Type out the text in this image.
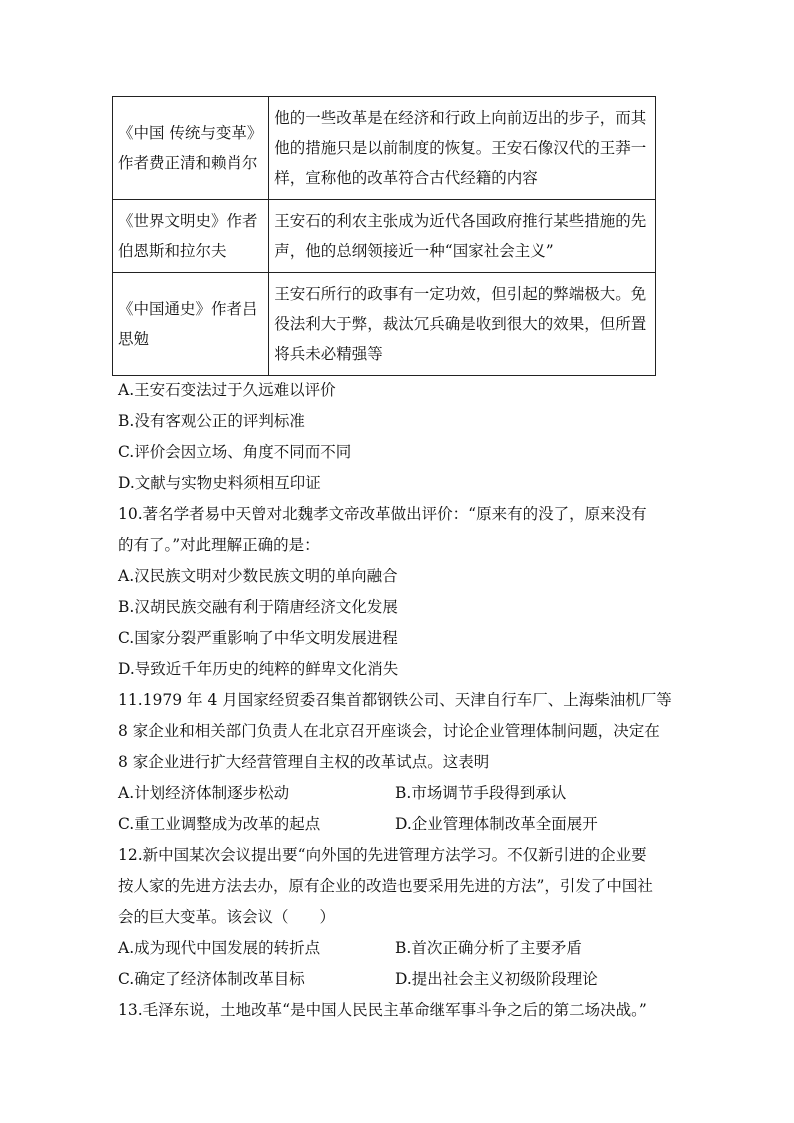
《中国 传统与变革》作者费正清和赖肖尔	他的一些改革是在经济和行政上向前迈出的步子，而其他的措施只是以前制度的恢复。王安石像汉代的王莽一样，宣称他的改革符合古代经籍的内容
《世界文明史》作者伯恩斯和拉尔夫	王安石的利农主张成为近代各国政府推行某些措施的先声，他的总纲领接近一种“国家社会主义”
《中国通史》作者吕思勉	王安石所行的政事有一定功效，但引起的弊端极大。免役法利大于弊，裁汰冗兵确是收到很大的效果，但所置将兵未必精强等
A.王安石变法过于久远难以评价
B.没有客观公正的评判标准
C.评价会因立场、角度不同而不同
D.文献与实物史料须相互印证
10.著名学者易中天曾对北魏孝文帝改革做出评价：“原来有的没了，原来没有
的有了。”对此理解正确的是：
A.汉民族文明对少数民族文明的单向融合
B.汉胡民族交融有利于隋唐经济文化发展
C.国家分裂严重影响了中华文明发展进程
D.导致近千年历史的纯粹的鲜卑文化消失
11.1979 年 4 月国家经贸委召集首都钢铁公司、天津自行车厂、上海柴油机厂等
8 家企业和相关部门负责人在北京召开座谈会，讨论企业管理体制问题，决定在
8 家企业进行扩大经营管理自主权的改革试点。这表明
A.计划经济体制逐步松动	B.市场调节手段得到承认
C.重工业调整成为改革的起点	D.企业管理体制改革全面展开
12.新中国某次会议提出要“向外国的先进管理方法学习。不仅新引进的企业要
按人家的先进方法去办，原有企业的改造也要采用先进的方法”，引发了中国社
会的巨大变革。该会议（　　）
A.成为现代中国发展的转折点	B.首次正确分析了主要矛盾
C.确定了经济体制改革目标	D.提出社会主义初级阶段理论
13.毛泽东说，土地改革“是中国人民民主革命继军事斗争之后的第二场决战。”
